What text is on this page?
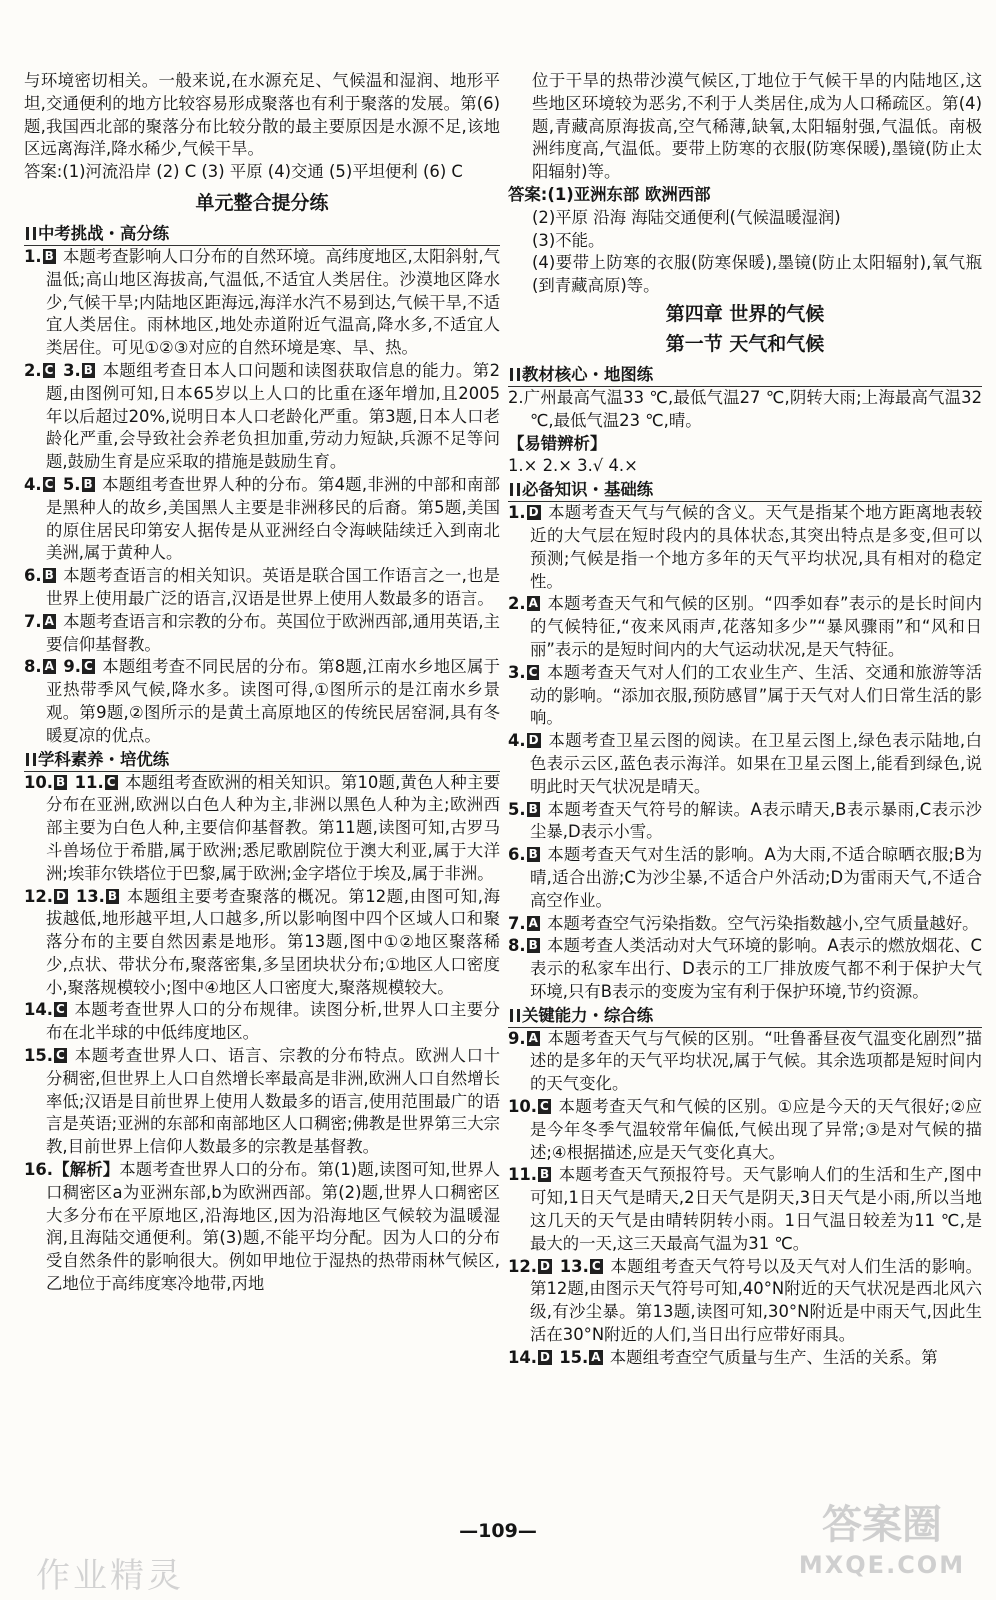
与环境密切相关。一般来说,在水源充足、气候温和湿润、地形平坦,交通便利的地方比较容易形成聚落也有利于聚落的发展。第(6)题,我国西北部的聚落分布比较分散的最主要原因是水源不足,该地区远离海洋,降水稀少,气候干旱。

答案:(1)河流沿岸 (2) C (3) 平原 (4)交通 (5)平坦便利 (6) C

单元整合提分练
中考挑战・高分练

1. B 本题考查影响人口分布的自然环境。高纬度地区,太阳斜射,气温低;高山地区海拔高,气温低,不适宜人类居住。沙漠地区降水少,气候干旱;内陆地区距海远,海洋水汽不易到达,气候干旱,不适宜人类居住。雨林地区,地处赤道附近气温高,降水多,不适宜人类居住。可见①②③对应的自然环境是寒、旱、热。

2. C 3. B 本题组考查日本人口问题和读图获取信息的能力。第2题,由图例可知,日本65岁以上人口的比重在逐年增加,且2005年以后超过20%,说明日本人口老龄化严重。第3题,日本人口老龄化严重,会导致社会养老负担加重,劳动力短缺,兵源不足等问题,鼓励生育是应采取的措施是鼓励生育。

4. C 5. B 本题组考查世界人种的分布。第4题,非洲的中部和南部是黑种人的故乡,美国黑人主要是非洲移民的后裔。第5题,美国的原住居民印第安人据传是从亚洲经白令海峡陆续迁入到南北美洲,属于黄种人。

6. B 本题考查语言的相关知识。英语是联合国工作语言之一,也是世界上使用最广泛的语言,汉语是世界上使用人数最多的语言。

7. A 本题考查语言和宗教的分布。英国位于欧洲西部,通用英语,主要信仰基督教。

8. A 9. C 本题组考查不同民居的分布。第8题,江南水乡地区属于亚热带季风气候,降水多。读图可得,①图所示的是江南水乡景观。第9题,②图所示的是黄土高原地区的传统民居窑洞,具有冬暖夏凉的优点。

学科素养・培优练

10. B 11. C 本题组考查欧洲的相关知识。第10题,黄色人种主要分布在亚洲,欧洲以白色人种为主,非洲以黑色人种为主;欧洲西部主要为白色人种,主要信仰基督教。第11题,读图可知,古罗马斗兽场位于希腊,属于欧洲;悉尼歌剧院位于澳大利亚,属于大洋洲;埃菲尔铁塔位于巴黎,属于欧洲;金字塔位于埃及,属于非洲。

12. D 13. B 本题组主要考查聚落的概况。第12题,由图可知,海拔越低,地形越平坦,人口越多,所以影响图中四个区域人口和聚落分布的主要自然因素是地形。第13题,图中①②地区聚落稀少,点状、带状分布,聚落密集,多呈团块状分布;①地区人口密度小,聚落规模较小;图中④地区人口密度大,聚落规模较大。

14. C 本题考查世界人口的分布规律。读图分析,世界人口主要分布在北半球的中低纬度地区。

15. C 本题考查世界人口、语言、宗教的分布特点。欧洲人口十分稠密,但世界上人口自然增长率最高是非洲,欧洲人口自然增长率低;汉语是目前世界上使用人数最多的语言,使用范围最广的语言是英语;亚洲的东部和南部地区人口稠密;佛教是世界第三大宗教,目前世界上信仰人数最多的宗教是基督教。

16.【解析】本题考查世界人口的分布。第(1)题,读图可知,世界人口稠密区a为亚洲东部,b为欧洲西部。第(2)题,世界人口稠密区大多分布在平原地区,沿海地区,因为沿海地区气候较为温暖湿润,且海陆交通便利。第(3)题,不能平均分配。因为人口的分布受自然条件的影响很大。例如甲地位于湿热的热带雨林气候区,乙地位于高纬度寒冷地带,丙地

位于干旱的热带沙漠气候区,丁地位于气候干旱的内陆地区,这些地区环境较为恶劣,不利于人类居住,成为人口稀疏区。第(4)题,青藏高原海拔高,空气稀薄,缺氧,太阳辐射强,气温低。南极洲纬度高,气温低。要带上防寒的衣服(防寒保暖),墨镜(防止太阳辐射)等。

答案:(1)亚洲东部 欧洲西部

(2)平原 沿海 海陆交通便利(气候温暖湿润)

(3)不能。

(4)要带上防寒的衣服(防寒保暖),墨镜(防止太阳辐射),氧气瓶(到青藏高原)等。

第四章 世界的气候
第一节 天气和气候
教材核心・地图练

2.广州最高气温33 ℃,最低气温27 ℃,阴转大雨;上海最高气温32 ℃,最低气温23 ℃,晴。

【易错辨析】

1.× 2.× 3.√ 4.×

必备知识・基础练

1. D 本题考查天气与气候的含义。天气是指某个地方距离地表较近的大气层在短时段内的具体状态,其突出特点是多变,但可以预测;气候是指一个地方多年的天气平均状况,具有相对的稳定性。

2. A 本题考查天气和气候的区别。“四季如春”表示的是长时间内的气候特征,“夜来风雨声,花落知多少”“暴风骤雨”和“风和日丽”表示的是短时间内的大气运动状况,是天气特征。

3. C 本题考查天气对人们的工农业生产、生活、交通和旅游等活动的影响。“添加衣服,预防感冒”属于天气对人们日常生活的影响。

4. D 本题考查卫星云图的阅读。在卫星云图上,绿色表示陆地,白色表示云区,蓝色表示海洋。如果在卫星云图上,能看到绿色,说明此时天气状况是晴天。

5. B 本题考查天气符号的解读。A表示晴天,B表示暴雨,C表示沙尘暴,D表示小雪。

6. B 本题考查天气对生活的影响。A为大雨,不适合晾晒衣服;B为晴,适合出游;C为沙尘暴,不适合户外活动;D为雷雨天气,不适合高空作业。

7. A 本题考查空气污染指数。空气污染指数越小,空气质量越好。

8. B 本题考查人类活动对大气环境的影响。A表示的燃放烟花、C表示的私家车出行、D表示的工厂排放废气都不利于保护大气环境,只有B表示的变废为宝有利于保护环境,节约资源。

关键能力・综合练

9. A 本题考查天气与气候的区别。“吐鲁番昼夜气温变化剧烈”描述的是多年的天气平均状况,属于气候。其余选项都是短时间内的天气变化。

10. C 本题考查天气和气候的区别。①应是今天的天气很好;②应是今年冬季气温较常年偏低,气候出现了异常;③是对气候的描述;④根据描述,应是天气变化真大。

11. B 本题考查天气预报符号。天气影响人们的生活和生产,图中可知,1日天气是晴天,2日天气是阴天,3日天气是小雨,所以当地这几天的天气是由晴转阴转小雨。1日气温日较差为11 ℃,是最大的一天,这三天最高气温为31 ℃。

12. D 13. C 本题组考查天气符号以及天气对人们生活的影响。第12题,由图示天气符号可知,40°N附近的天气状况是西北风六级,有沙尘暴。第13题,读图可知,30°N附近是中雨天气,因此生活在30°N附近的人们,当日出行应带好雨具。

14. D 15. A 本题组考查空气质量与生产、生活的关系。第

—109—
作业精灵
答案圈
MXQE.COM
